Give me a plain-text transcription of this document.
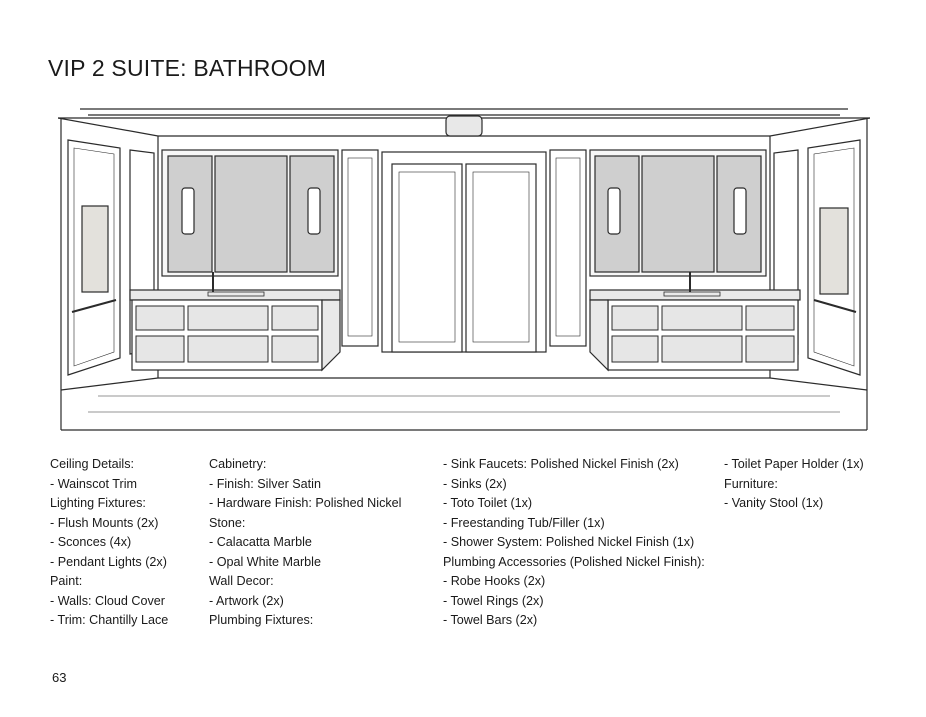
VIP 2 SUITE: BATHROOM
Ceiling Details:
- Wainscot Trim
Lighting Fixtures:
- Flush Mounts (2x)
- Sconces (4x)
- Pendant Lights (2x)
Paint:
- Walls: Cloud Cover
- Trim: Chantilly Lace
Cabinetry:
- Finish: Silver Satin
- Hardware Finish: Polished Nickel
Stone:
- Calacatta Marble
- Opal White Marble
Wall Decor:
- Artwork (2x)
Plumbing Fixtures:
- Sink Faucets: Polished Nickel Finish (2x)
- Sinks (2x)
- Toto Toilet (1x)
- Freestanding Tub/Filler (1x)
- Shower System: Polished Nickel Finish (1x)
Plumbing Accessories (Polished Nickel Finish):
- Robe Hooks (2x)
- Towel Rings (2x)
- Towel Bars (2x)
- Toilet Paper Holder (1x)
Furniture:
- Vanity Stool (1x)
63
